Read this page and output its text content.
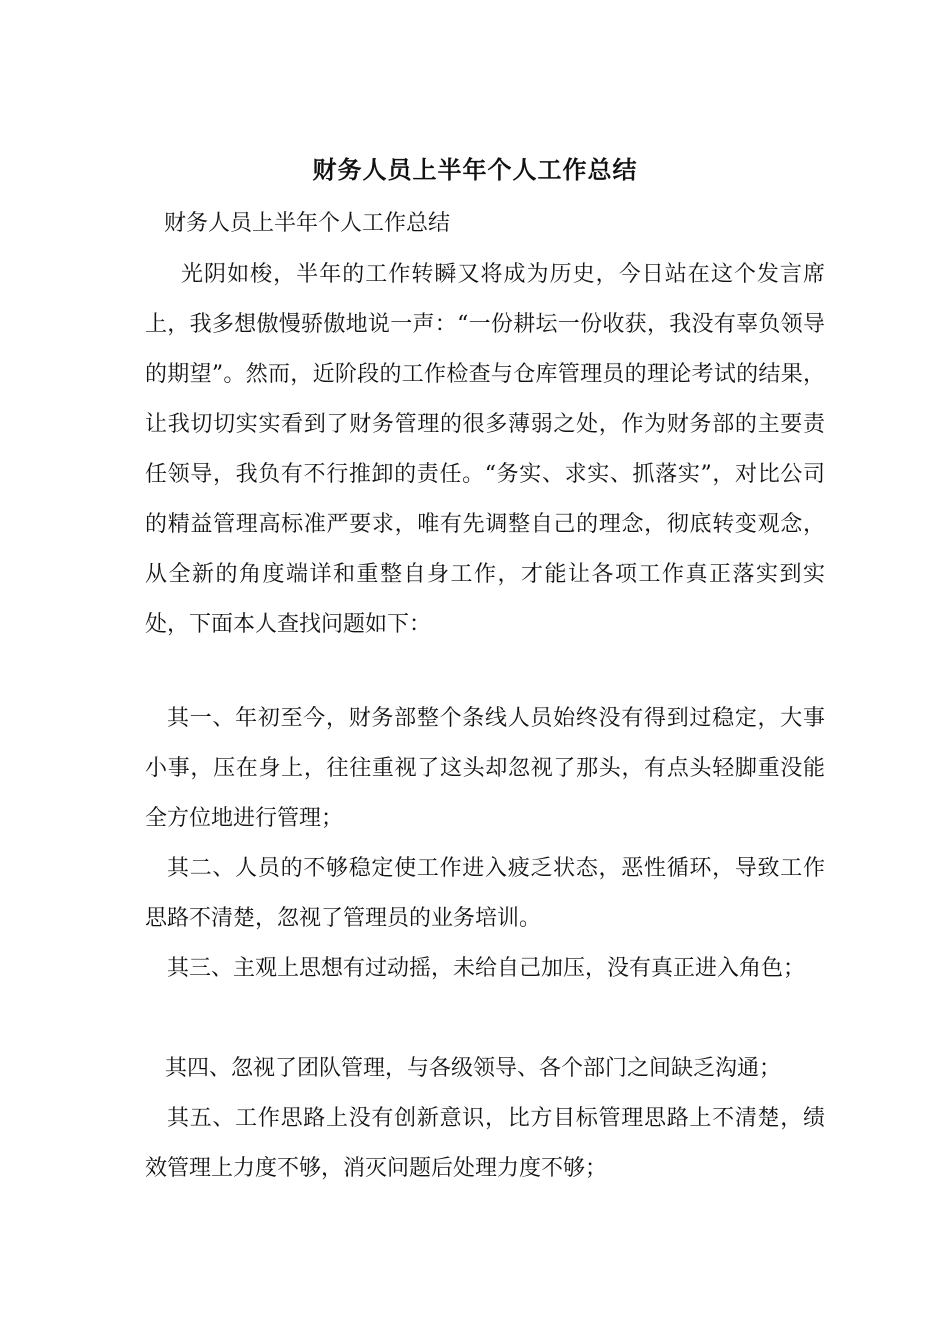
财务人员上半年个人工作总结
财务人员上半年个人工作总结
光阴如梭，半年的工作转瞬又将成为历史，今日站在这个发言席上，我多想傲慢骄傲地说一声：“一份耕坛一份收获，我没有辜负领导的期望”。然而，近阶段的工作检查与仓库管理员的理论考试的结果，让我切切实实看到了财务管理的很多薄弱之处，作为财务部的主要责任领导，我负有不行推卸的责任。“务实、求实、抓落实”，对比公司的精益管理高标准严要求，唯有先调整自己的理念，彻底转变观念，从全新的角度端详和重整自身工作，才能让各项工作真正落实到实处，下面本人查找问题如下：
其一、年初至今，财务部整个条线人员始终没有得到过稳定，大事小事，压在身上，往往重视了这头却忽视了那头，有点头轻脚重没能全方位地进行管理；
其二、人员的不够稳定使工作进入疲乏状态，恶性循环，导致工作思路不清楚，忽视了管理员的业务培训。
其三、主观上思想有过动摇，未给自己加压，没有真正进入角色；
其四、忽视了团队管理，与各级领导、各个部门之间缺乏沟通；
其五、工作思路上没有创新意识，比方目标管理思路上不清楚，绩效管理上力度不够，消灭问题后处理力度不够；
